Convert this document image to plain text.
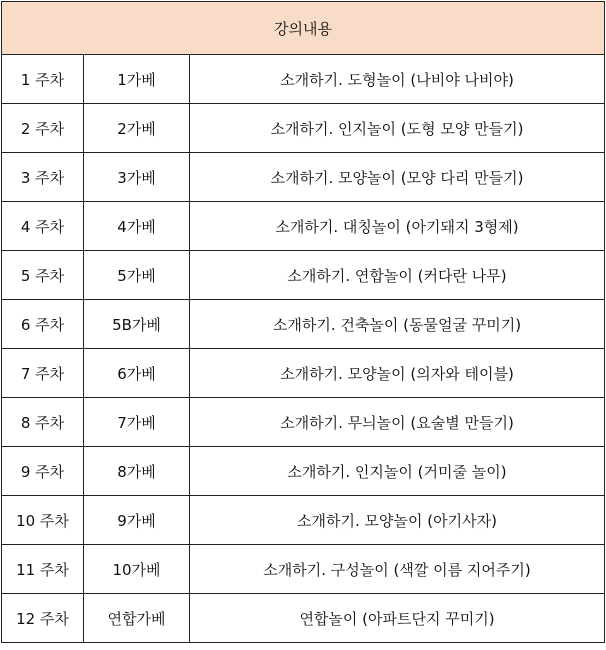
강의내용		
1 주차	1가베	소개하기. 도형놀이 (나비야 나비야)
2 주차	2가베	소개하기. 인지놀이 (도형 모양 만들기)
3 주차	3가베	소개하기. 모양놀이 (모양 다리 만들기)
4 주차	4가베	소개하기. 대칭놀이 (아기돼지 3형제)
5 주차	5가베	소개하기. 연합놀이 (커다란 나무)
6 주차	5B가베	소개하기. 건축놀이 (동물얼굴 꾸미기)
7 주차	6가베	소개하기. 모양놀이 (의자와 테이블)
8 주차	7가베	소개하기. 무늬놀이 (요술별 만들기)
9 주차	8가베	소개하기. 인지놀이 (거미줄 놀이)
10 주차	9가베	소개하기. 모양놀이 (아기사자)
11 주차	10가베	소개하기. 구성놀이 (색깔 이름 지어주기)
12 주차	연합가베	연합놀이 (아파트단지 꾸미기)
